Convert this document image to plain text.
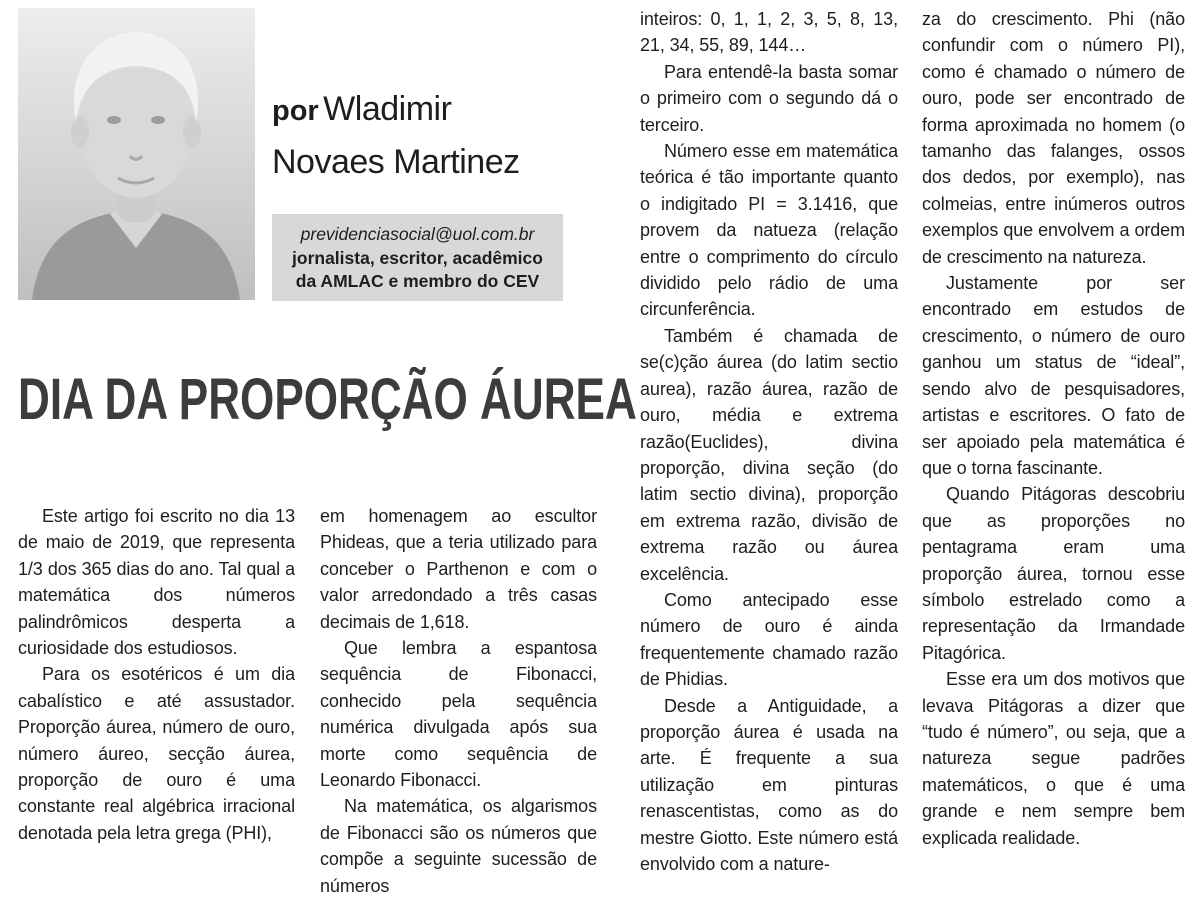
por Wladimir
Novaes Martinez
previdenciasocial@uol.com.br
jornalista, escritor, acadêmico
da AMLAC e membro do CEV
DIA DA PROPORÇÃO ÁUREA

Este artigo foi escrito no dia 13 de maio de 2019, que representa 1/3 dos 365 dias do ano. Tal qual a matemática dos números palindrômicos desperta a curiosidade dos estudiosos.

Para os esotéricos é um dia cabalístico e até assustador. Proporção áurea, número de ouro, número áureo, secção áurea, proporção de ouro é uma constante real algébrica irracional denotada pela letra grega (PHI),

em homenagem ao escultor Phideas, que a teria utilizado para conceber o Parthenon e com o valor arredondado a três casas decimais de 1,618.

Que lembra a espantosa sequência de Fibonacci, conhecido pela sequência numérica divulgada após sua morte como sequência de Leonardo Fibonacci.

Na matemática, os algarismos de Fibonacci são os números que compõe a seguinte sucessão de números

inteiros: 0, 1, 1, 2, 3, 5, 8, 13, 21, 34, 55, 89, 144…

Para entendê-la basta somar o primeiro com o segundo dá o terceiro.

Número esse em matemática teórica é tão importante quanto o indigitado PI = 3.1416, que provem da natueza (relação entre o comprimento do círculo dividido pelo rádio de uma circunferência.

Também é chamada de se(c)ção áurea (do latim sectio aurea), razão áurea, razão de ouro, média e extrema razão(Euclides), divina proporção, divina seção (do latim sectio divina), proporção em extrema razão, divisão de extrema razão ou áurea excelência.

Como antecipado esse número de ouro é ainda frequentemente chamado razão de Phidias.

Desde a Antiguidade, a proporção áurea é usada na arte. É frequente a sua utilização em pinturas renascentistas, como as do mestre Giotto. Este número está envolvido com a nature-

za do crescimento. Phi (não confundir com o número PI), como é chamado o número de ouro, pode ser encontrado de forma aproximada no homem (o tamanho das falanges, ossos dos dedos, por exemplo), nas colmeias, entre inúmeros outros exemplos que envolvem a ordem de crescimento na natureza.

Justamente por ser encontrado em estudos de crescimento, o número de ouro ganhou um status de “ideal”, sendo alvo de pesquisadores, artistas e escritores. O fato de ser apoiado pela matemática é que o torna fascinante.

Quando Pitágoras descobriu que as proporções no pentagrama eram uma proporção áurea, tornou esse símbolo estrelado como a representação da Irmandade Pitagórica.

Esse era um dos motivos que levava Pitágoras a dizer que “tudo é número”, ou seja, que a natureza segue padrões matemáticos, o que é uma grande e nem sempre bem explicada realidade.
